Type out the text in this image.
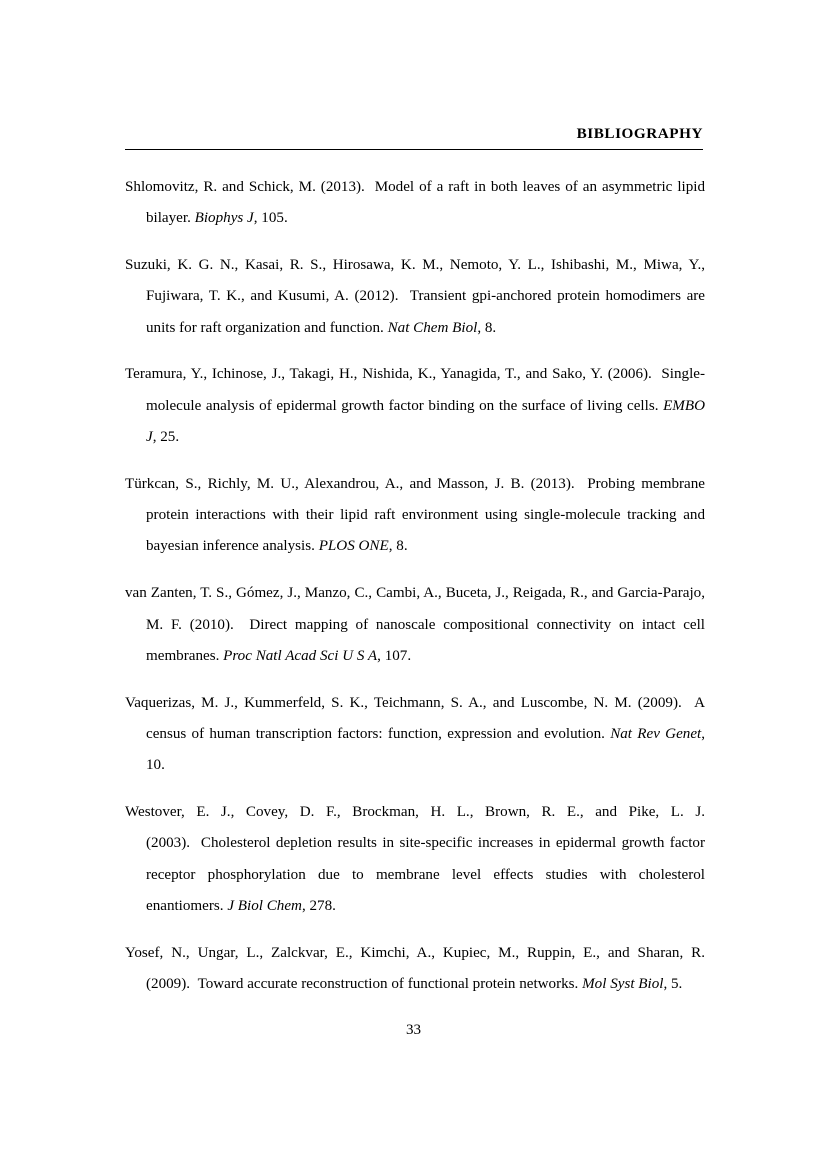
BIBLIOGRAPHY

Shlomovitz, R. and Schick, M. (2013). Model of a raft in both leaves of an asymmetric lipid bilayer. Biophys J, 105.

Suzuki, K. G. N., Kasai, R. S., Hirosawa, K. M., Nemoto, Y. L., Ishibashi, M., Miwa, Y., Fujiwara, T. K., and Kusumi, A. (2012). Transient gpi-anchored protein homodimers are units for raft organization and function. Nat Chem Biol, 8.

Teramura, Y., Ichinose, J., Takagi, H., Nishida, K., Yanagida, T., and Sako, Y. (2006). Single-molecule analysis of epidermal growth factor binding on the surface of living cells. EMBO J, 25.

Türkcan, S., Richly, M. U., Alexandrou, A., and Masson, J. B. (2013). Probing membrane protein interactions with their lipid raft environment using single-molecule tracking and bayesian inference analysis. PLOS ONE, 8.

van Zanten, T. S., Gómez, J., Manzo, C., Cambi, A., Buceta, J., Reigada, R., and Garcia-Parajo, M. F. (2010). Direct mapping of nanoscale compositional connectivity on intact cell membranes. Proc Natl Acad Sci U S A, 107.

Vaquerizas, M. J., Kummerfeld, S. K., Teichmann, S. A., and Luscombe, N. M. (2009). A census of human transcription factors: function, expression and evolution. Nat Rev Genet, 10.

Westover, E. J., Covey, D. F., Brockman, H. L., Brown, R. E., and Pike, L. J. (2003). Cholesterol depletion results in site-specific increases in epidermal growth factor receptor phosphorylation due to membrane level effects studies with cholesterol enantiomers. J Biol Chem, 278.

Yosef, N., Ungar, L., Zalckvar, E., Kimchi, A., Kupiec, M., Ruppin, E., and Sharan, R. (2009). Toward accurate reconstruction of functional protein networks. Mol Syst Biol, 5.

33
